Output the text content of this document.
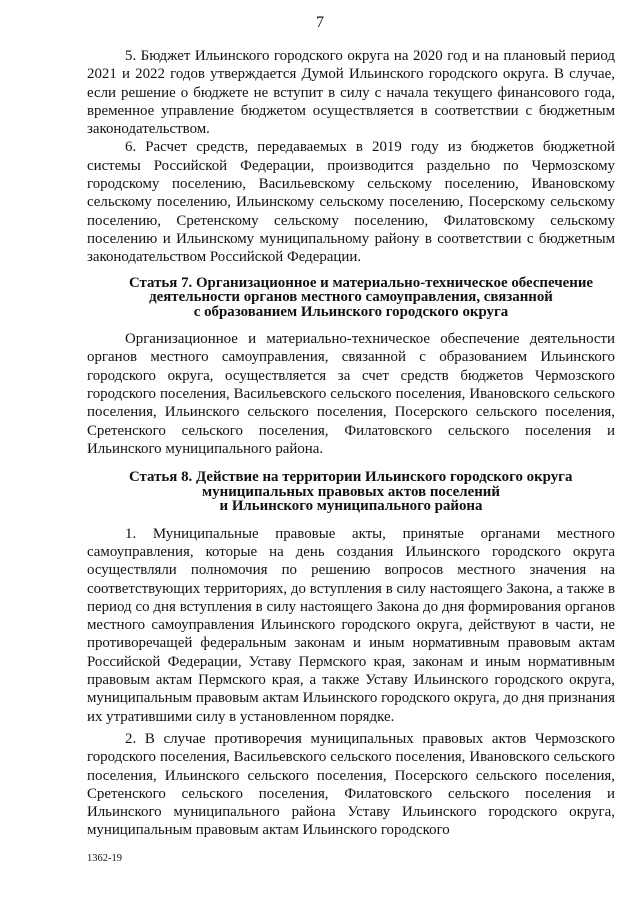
7

5. Бюджет Ильинского городского округа на 2020 год и на плановый период 2021 и 2022 годов утверждается Думой Ильинского городского округа. В случае, если решение о бюджете не вступит в силу с начала текущего финансового года, временное управление бюджетом осуществляется в соответствии с бюджетным законодательством.

6. Расчет средств, передаваемых в 2019 году из бюджетов бюджетной системы Российской Федерации, производится раздельно по Чермозскому городскому поселению, Васильевскому сельскому поселению, Ивановскому сельскому поселению, Ильинскому сельскому поселению, Посерскому сельскому поселению, Сретенскому сельскому поселению, Филатовскому сельскому поселению и Ильинскому муниципальному району в соответствии с бюджетным законодательством Российской Федерации.

Статья 7. Организационное и материально-техническое обеспечение
деятельности органов местного самоуправления, связанной
с образованием Ильинского городского округа

Организационное и материально-техническое обеспечение деятельности органов местного самоуправления, связанной с образованием Ильинского городского округа, осуществляется за счет средств бюджетов Чермозского городского поселения, Васильевского сельского поселения, Ивановского сельского поселения, Ильинского сельского поселения, Посерского сельского поселения, Сретенского сельского поселения, Филатовского сельского поселения и Ильинского муниципального района.

Статья 8. Действие на территории Ильинского городского округа
муниципальных правовых актов поселений
и Ильинского муниципального района

1. Муниципальные правовые акты, принятые органами местного самоуправления, которые на день создания Ильинского городского округа осуществляли полномочия по решению вопросов местного значения на соответствующих территориях, до вступления в силу настоящего Закона, а также в период со дня вступления в силу настоящего Закона до дня формирования органов местного самоуправления Ильинского городского округа, действуют в части, не противоречащей федеральным законам и иным нормативным правовым актам Российской Федерации, Уставу Пермского края, законам и иным нормативным правовым актам Пермского края, а также Уставу Ильинского городского округа, муниципальным правовым актам Ильинского городского округа, до дня признания их утратившими силу в установленном порядке.

2. В случае противоречия муниципальных правовых актов Чермозского городского поселения, Васильевского сельского поселения, Ивановского сельского поселения, Ильинского сельского поселения, Посерского сельского поселения, Сретенского сельского поселения, Филатовского сельского поселения и Ильинского муниципального района Уставу Ильинского городского округа, муниципальным правовым актам Ильинского городского

1362-19
